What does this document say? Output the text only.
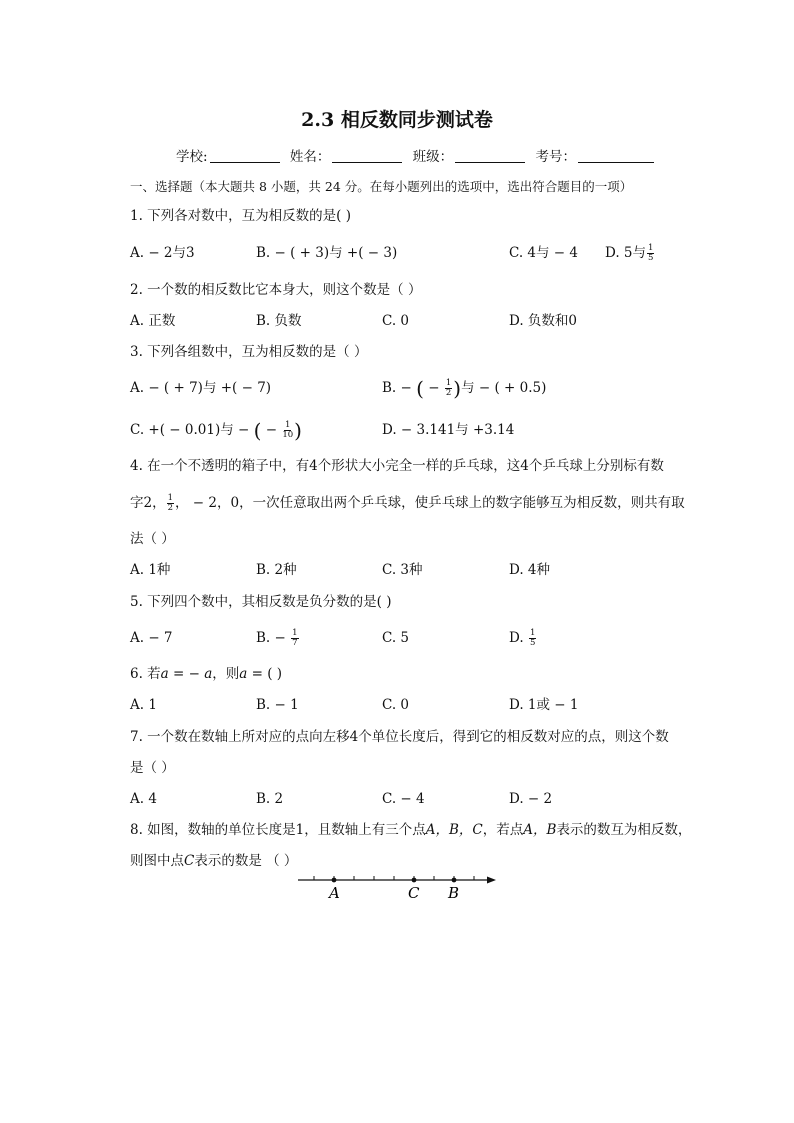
2.3 相反数同步测试卷
学校:	姓名：	班级：	考号：
一、选择题（本大题共 8 小题，共 24 分。在每小题列出的选项中，选出符合题目的一项）
1. 下列各对数中，互为相反数的是( )
A. − 2与3	B. − ( + 3)与 +( − 3)	C. 4与 − 4 D. 5与 $\frac{1}{5}$
2. 一个数的相反数比它本身大，则这个数是（ ）
A. 正数	B. 负数	C. 0	D. 负数和0
3. 下列各组数中，互为相反数的是（ ）
A. − ( + 7)与 +( − 7)	B. − ( − $\frac{1}{2}$ )与 − ( + 0.5)
C. +( − 0.01)与 − ( − $\frac{1}{10}$ )	D. − 3.141与 +3.14
4. 在一个不透明的箱子中，有4个形状大小完全一样的乒乓球，这4个乒乓球上分别标有数
字2， $\frac{1}{2}$ ， − 2，0，一次任意取出两个乒乓球，使乒乓球上的数字能够互为相反数，则共有取
法（ ）
A. 1种	B. 2种	C. 3种	D. 4种
5. 下列四个数中，其相反数是负分数的是( )
A. − 7	B. − $\frac{1}{7}$	C. 5	D. $\frac{1}{5}$
6. 若a = − a，则a = ( )
A. 1	B. − 1	C. 0	D. 1或 − 1
7. 一个数在数轴上所对应的点向左移4个单位长度后，得到它的相反数对应的点，则这个数
是（ ）
A. 4	B. 2	C. − 4	D. − 2
8. 如图，数轴的单位长度是1，且数轴上有三个点A，B，C，若点A，B表示的数互为相反数，
则图中点C表示的数是 （ ）
A	C B
